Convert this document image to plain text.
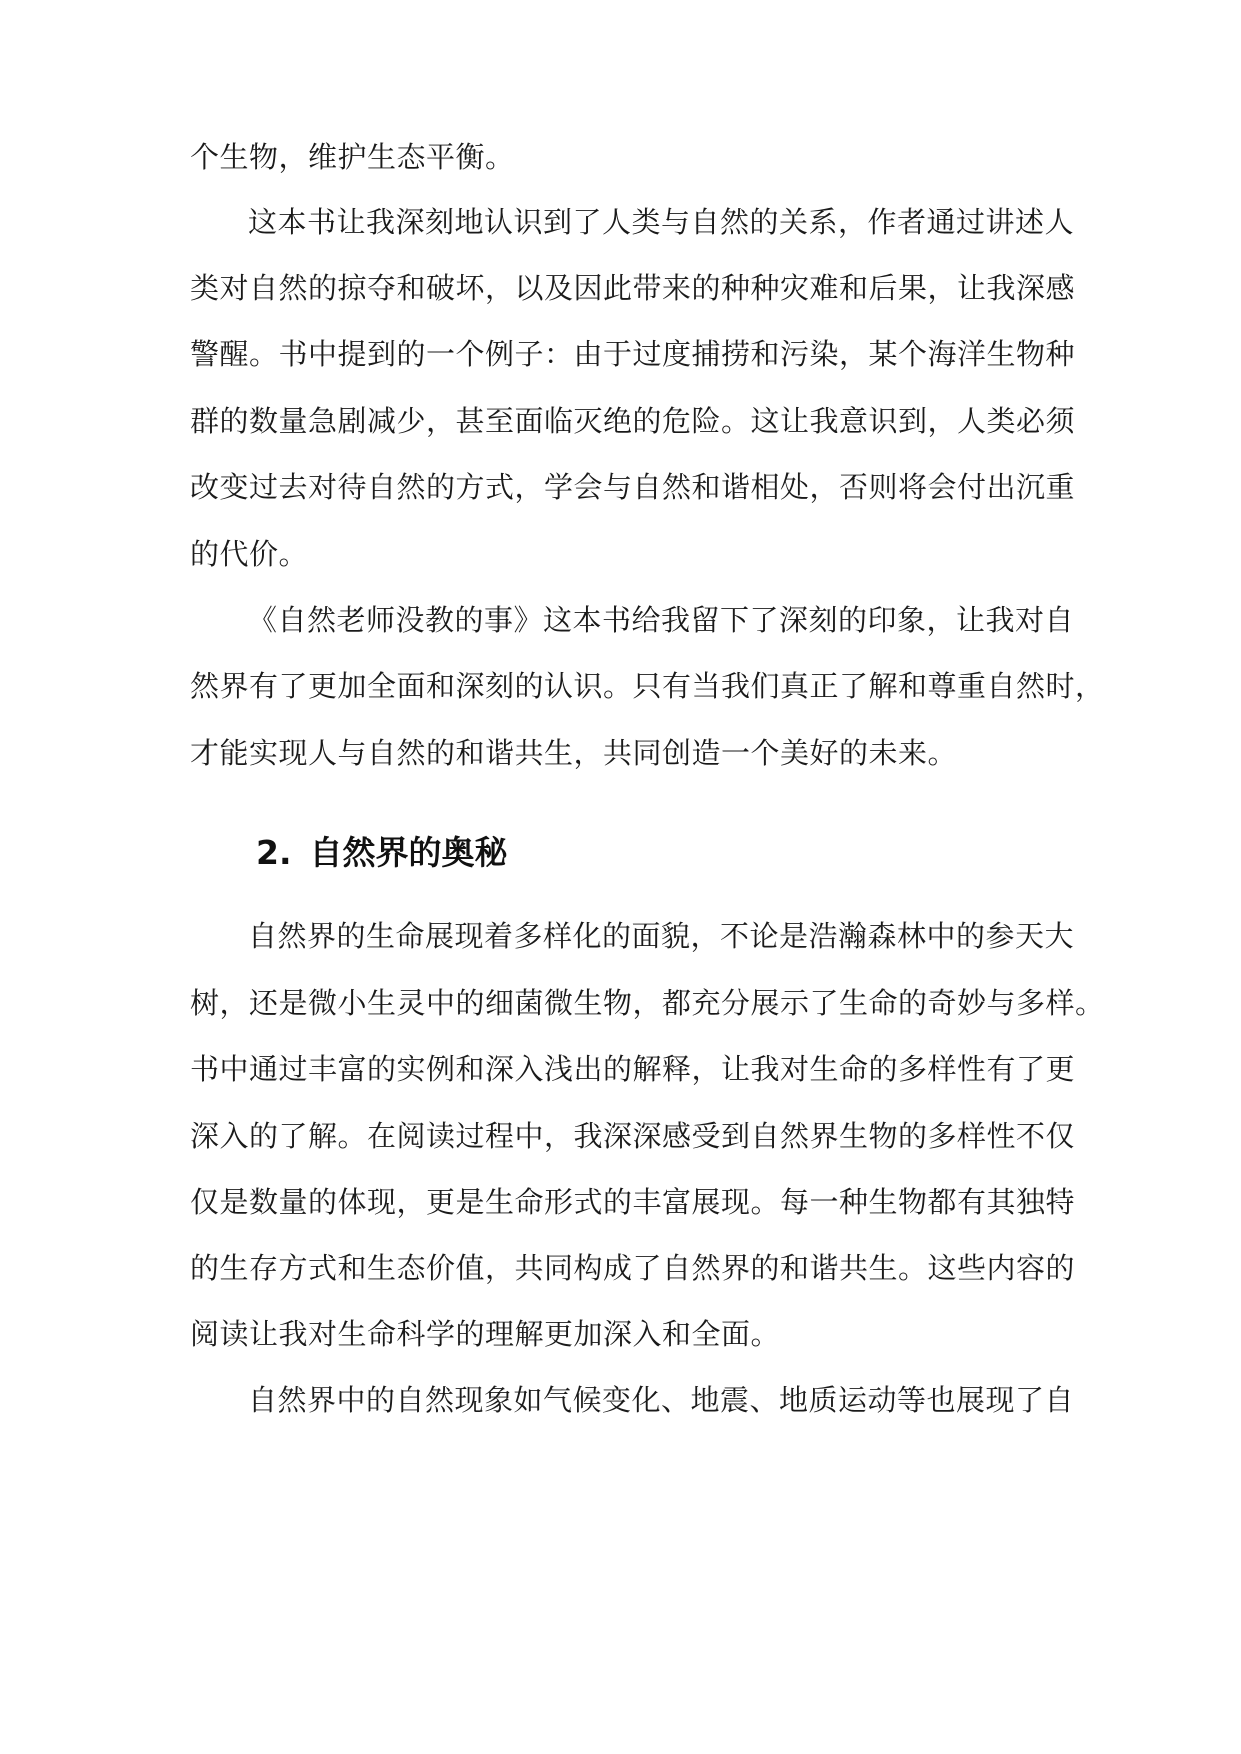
个生物，维护生态平衡。
这本书让我深刻地认识到了人类与自然的关系，作者通过讲述人
类对自然的掠夺和破坏，以及因此带来的种种灾难和后果，让我深感
警醒。书中提到的一个例子：由于过度捕捞和污染，某个海洋生物种
群的数量急剧减少，甚至面临灭绝的危险。这让我意识到，人类必须
改变过去对待自然的方式，学会与自然和谐相处，否则将会付出沉重
的代价。
《自然老师没教的事》这本书给我留下了深刻的印象，让我对自
然界有了更加全面和深刻的认识。只有当我们真正了解和尊重自然时，
才能实现人与自然的和谐共生，共同创造一个美好的未来。
2. 自然界的奥秘
自然界的生命展现着多样化的面貌，不论是浩瀚森林中的参天大
树，还是微小生灵中的细菌微生物，都充分展示了生命的奇妙与多样。
书中通过丰富的实例和深入浅出的解释，让我对生命的多样性有了更
深入的了解。在阅读过程中，我深深感受到自然界生物的多样性不仅
仅是数量的体现，更是生命形式的丰富展现。每一种生物都有其独特
的生存方式和生态价值，共同构成了自然界的和谐共生。这些内容的
阅读让我对生命科学的理解更加深入和全面。
自然界中的自然现象如气候变化、地震、地质运动等也展现了自
